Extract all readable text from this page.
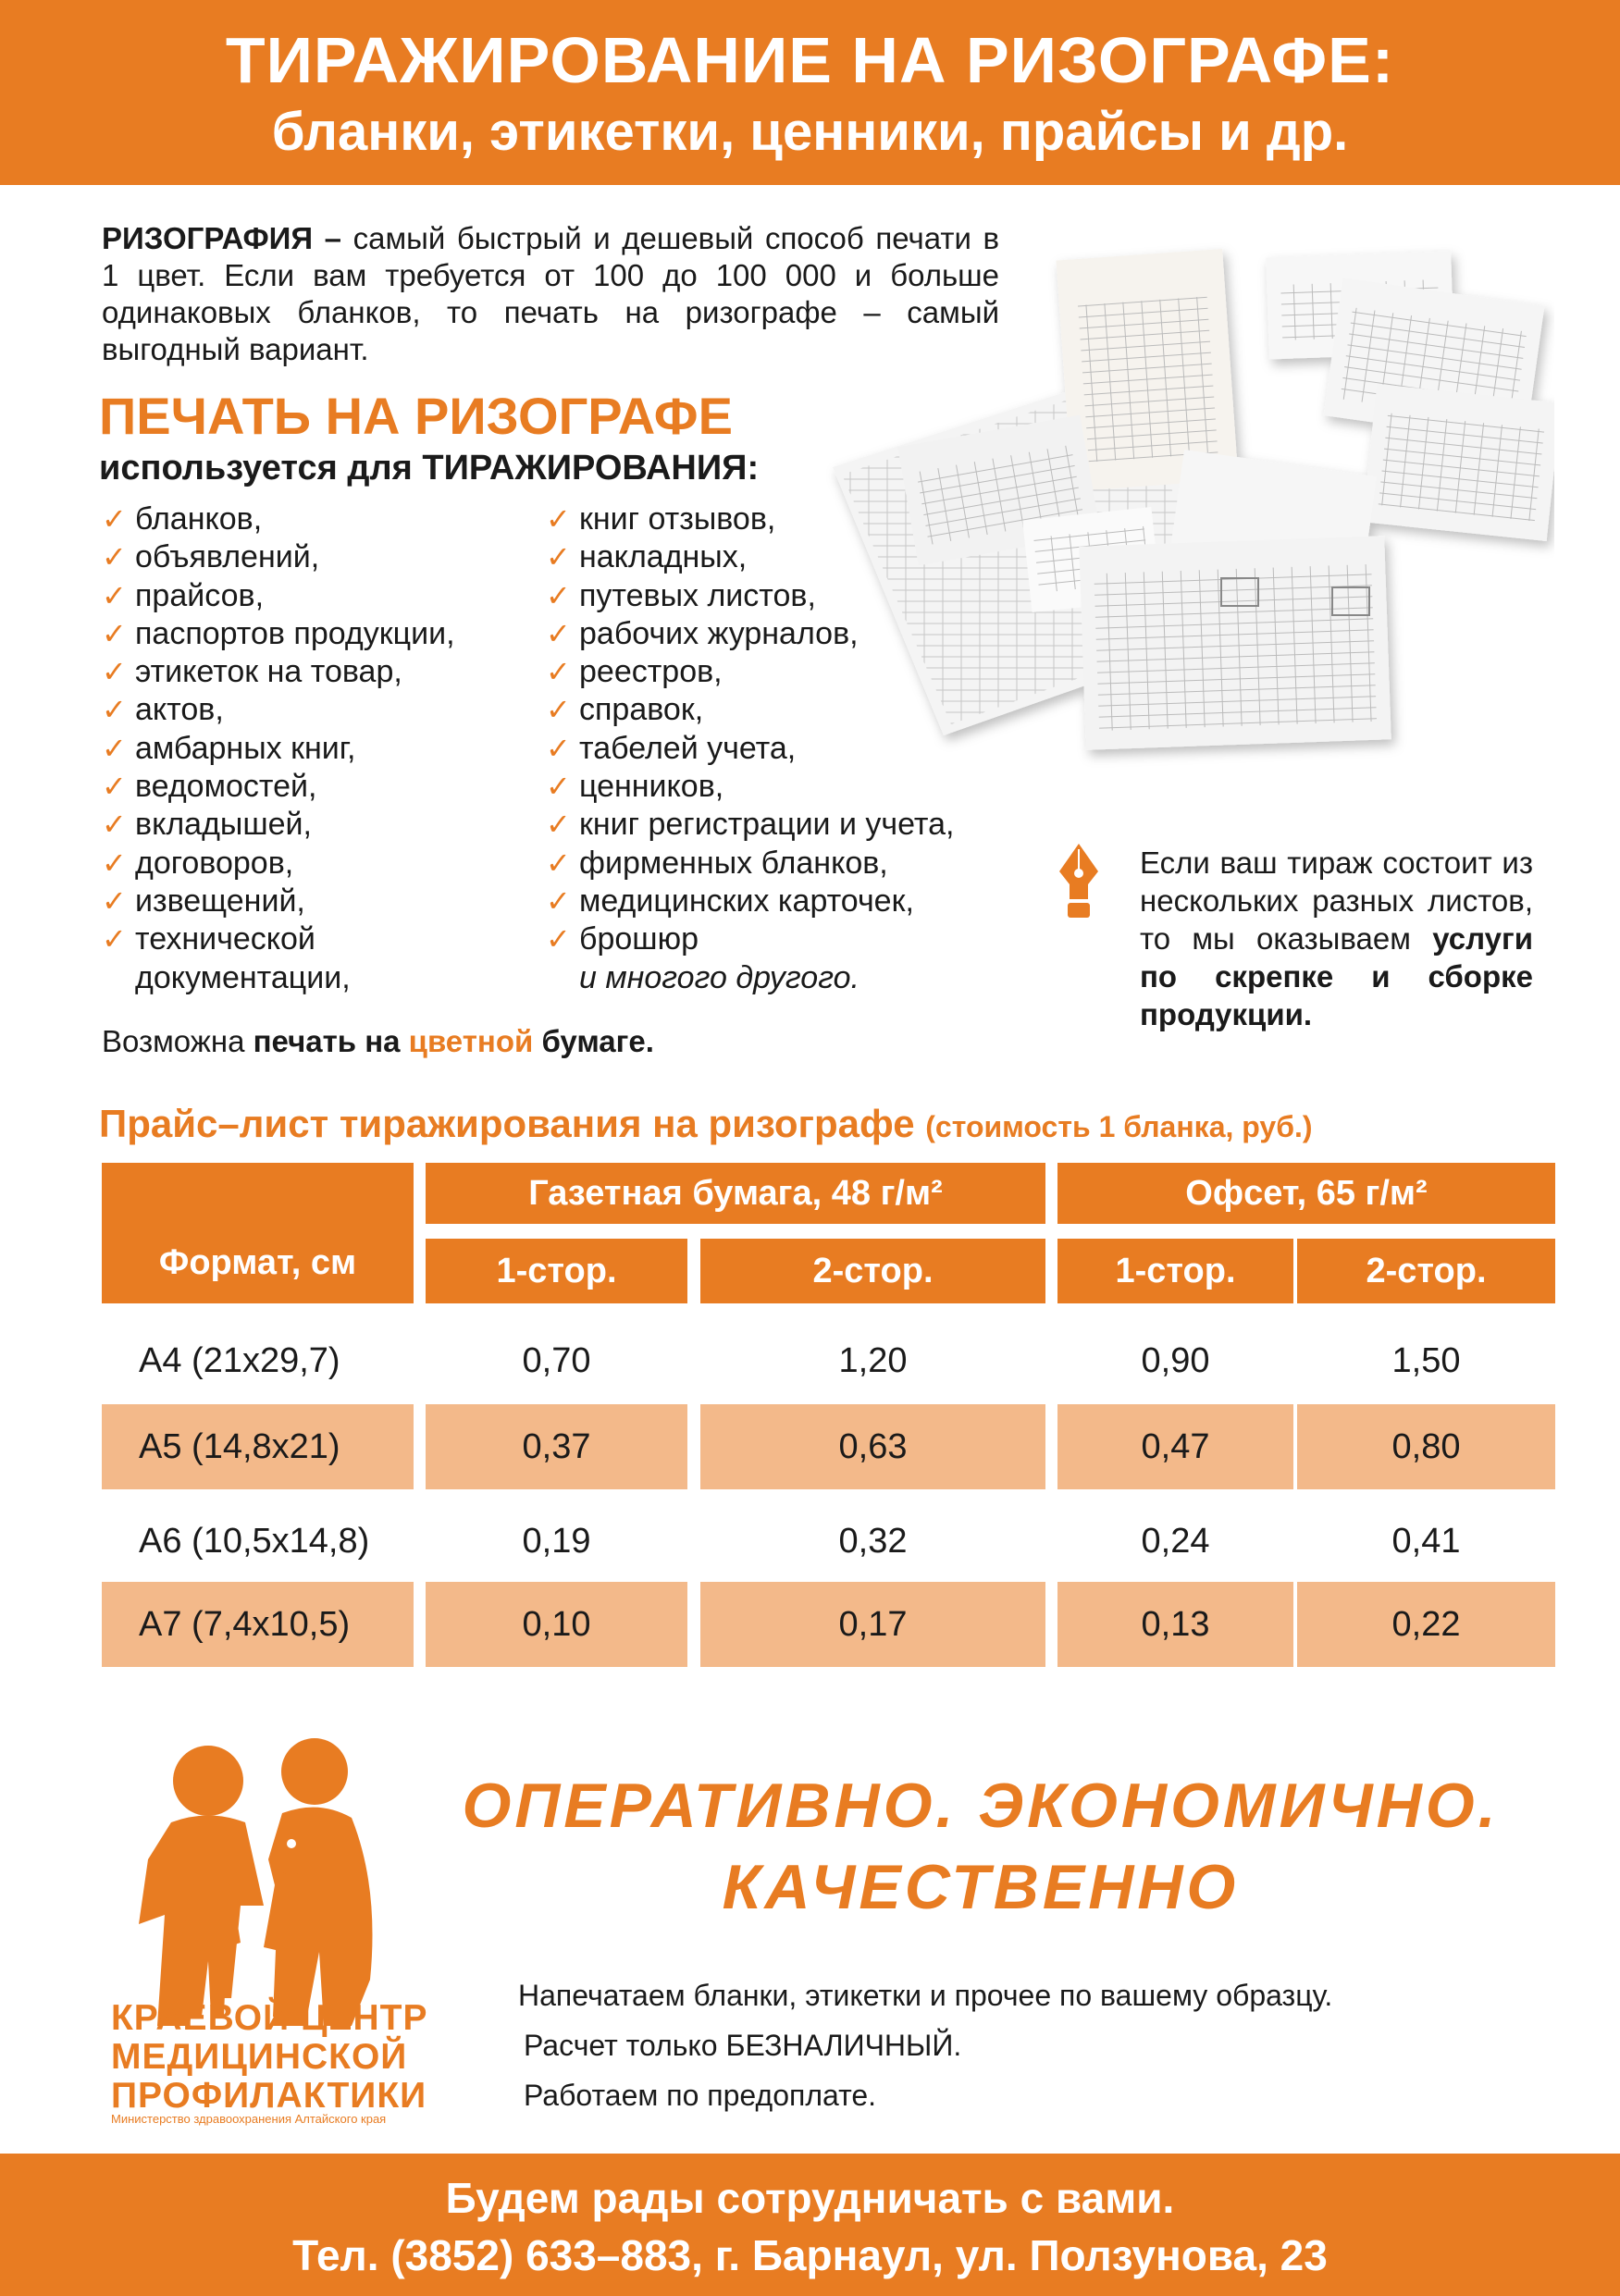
ТИРАЖИРОВАНИЕ НА РИЗОГРАФЕ:
бланки, этикетки, ценники, прайсы и др.
РИЗОГРАФИЯ – самый быстрый и дешевый способ печати в 1 цвет. Если вам требуется от 100 до 100 000 и больше одинаковых бланков, то печать на ризографе – самый выгодный вариант.
ПЕЧАТЬ НА РИЗОГРАФЕ
используется для ТИРАЖИРОВАНИЯ:
✓ бланков,
✓ объявлений,
✓ прайсов,
✓ паспортов продукции,
✓ этикеток на товар,
✓ актов,
✓ амбарных книг,
✓ ведомостей,
✓ вкладышей,
✓ договоров,
✓ извещений,
✓ технической
документации,
✓ книг отзывов,
✓ накладных,
✓ путевых листов,
✓ рабочих журналов,
✓ реестров,
✓ справок,
✓ табелей учета,
✓ ценников,
✓ книг регистрации и учета,
✓ фирменных бланков,
✓ медицинских карточек,
✓ брошюр
и многого другого.
Возможна печать на цветной бумаге.
Если ваш тираж состоит из нескольких разных листов, то мы оказываем услуги по скрепке и сборке продукции.
Прайс–лист тиражирования на ризографе (стоимость 1 бланка, руб.)
Формат, см
Газетная бумага, 48 г/м²	Офсет, 65 г/м²
1-стор.	2-стор.	1-стор.	2-стор.
А4 (21х29,7)	0,70	1,20	0,90	1,50
А5 (14,8х21)	0,37	0,63	0,47	0,80
А6 (10,5х14,8)	0,19	0,32	0,24	0,41
А7 (7,4х10,5)	0,10	0,17	0,13	0,22
КРАЕВОЙ ЦЕНТР
МЕДИЦИНСКОЙ
ПРОФИЛАКТИКИ
Министерство здравоохранения Алтайского края
ОПЕРАТИВНО. ЭКОНОМИЧНО.
КАЧЕСТВЕННО
Напечатаем бланки, этикетки и прочее по вашему образцу.
Расчет только БЕЗНАЛИЧНЫЙ.
Работаем по предоплате.
Будем рады сотрудничать с вами.
Тел. (3852) 633–883, г. Барнаул, ул. Ползунова, 23
